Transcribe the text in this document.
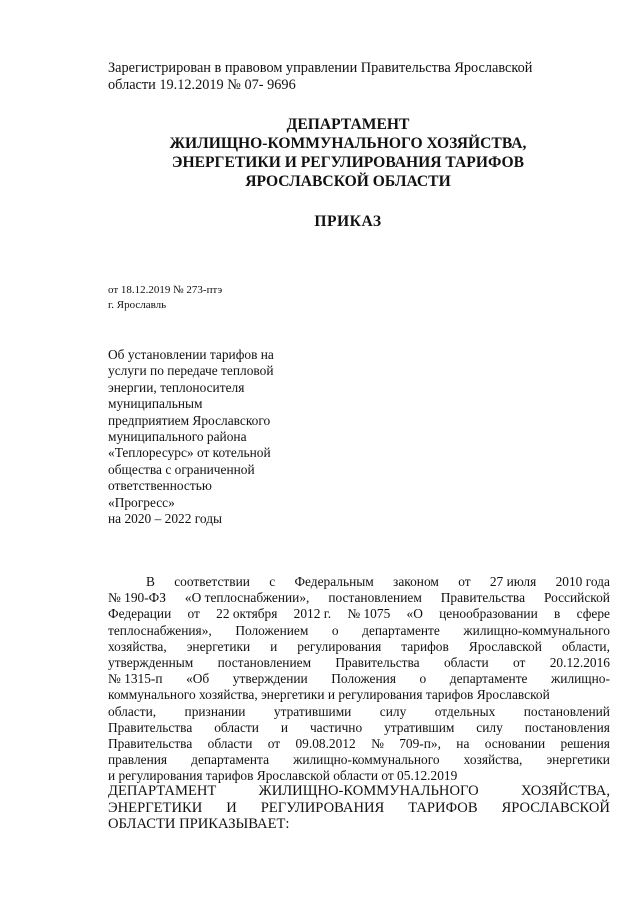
Зарегистрирован в правовом управлении Правительства Ярославской
области 19.12.2019 № 07- 9696
ДЕПАРТАМЕНТ
ЖИЛИЩНО-КОММУНАЛЬНОГО ХОЗЯЙСТВА,
ЭНЕРГЕТИКИ И РЕГУЛИРОВАНИЯ ТАРИФОВ
ЯРОСЛАВСКОЙ ОБЛАСТИ
ПРИКАЗ
от 18.12.2019 № 273-птэ
г. Ярославль
Об установлении тарифов на
услуги по передаче тепловой
энергии, теплоносителя
муниципальным
предприятием Ярославского
муниципального района
«Теплоресурс» от котельной
общества с ограниченной
ответственностью
«Прогресс»
на 2020 – 2022 годы
В соответствии с Федеральным законом от 27 июля 2010 года
№ 190-ФЗ «О теплоснабжении», постановлением Правительства Российской
Федерации от 22 октября 2012 г. № 1075 «О ценообразовании в сфере
теплоснабжения», Положением о департаменте жилищно-коммунального
хозяйства, энергетики и регулирования тарифов Ярославской области,
утвержденным постановлением Правительства области от 20.12.2016
№ 1315-п «Об утверждении Положения о департаменте жилищно-
коммунального хозяйства, энергетики и регулирования тарифов Ярославской
области, признании утратившими силу отдельных постановлений
Правительства области и частично утратившим силу постановления
Правительства области от 09.08.2012 № 709-п», на основании решения
правления департамента жилищно-коммунального хозяйства, энергетики
и регулирования тарифов Ярославской области от 05.12.2019
ДЕПАРТАМЕНТ	ЖИЛИЩНО-КОММУНАЛЬНОГО	ХОЗЯЙСТВА,
ЭНЕРГЕТИКИ И РЕГУЛИРОВАНИЯ ТАРИФОВ ЯРОСЛАВСКОЙ
ОБЛАСТИ ПРИКАЗЫВАЕТ:
